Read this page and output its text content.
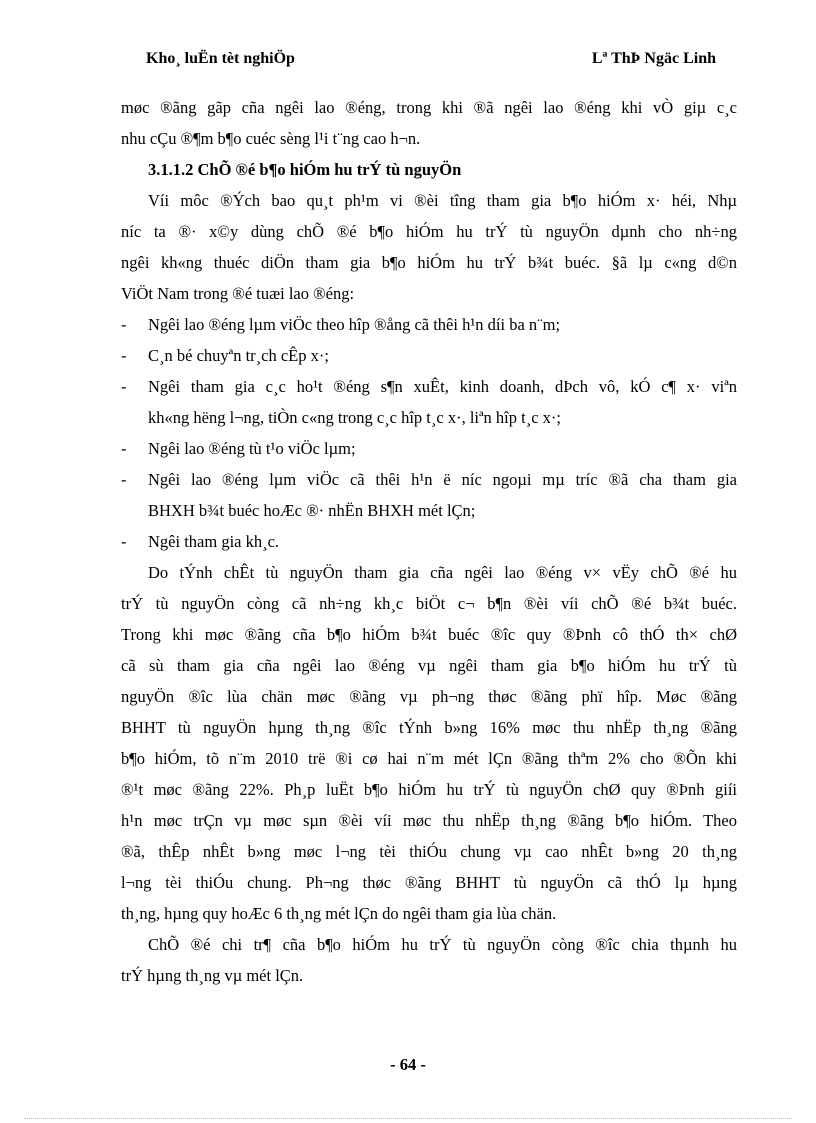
Kho¸ luËn tèt nghiÖp	Lª ThÞ Ngäc Linh
møc ®ãng gãp cña ngêi lao ®éng, trong khi ®ã ngêi lao ®éng khi vÒ giµ c¸c
nhu cÇu ®¶m b¶o cuéc sèng l¹i t¨ng cao h¬n.
3.1.1.2 ChÕ ®é b¶o hiÓm hu trÝ tù nguyÖn
Víi môc ®Ých bao qu¸t ph¹m vi ®èi tîng tham gia b¶o hiÓm x· héi, Nhµ
níc ta ®· x©y dùng chÕ ®é b¶o hiÓm hu trÝ tù nguyÖn dµnh cho nh÷ng
ngêi kh«ng thuéc diÖn tham gia b¶o hiÓm hu trÝ b¾t buéc. §ã lµ c«ng d©n
ViÖt Nam trong ®é tuæi lao ®éng:
-	Ngêi lao ®éng lµm viÖc theo hîp ®ång cã thêi h¹n díi ba n¨m;
-	C¸n bé chuyªn tr¸ch cÊp x·;
-	Ngêi tham gia c¸c ho¹t ®éng s¶n xuÊt, kinh doanh, dÞch vô, kÓ c¶ x· viªn
kh«ng hëng l¬ng, tiÒn c«ng trong c¸c hîp t¸c x·, liªn hîp t¸c x·;
-	Ngêi lao ®éng tù t¹o viÖc lµm;
-	Ngêi lao ®éng lµm viÖc cã thêi h¹n ë níc ngoµi mµ tríc ®ã cha tham gia
BHXH b¾t buéc hoÆc ®· nhËn BHXH mét lÇn;
-	Ngêi tham gia kh¸c.
Do tÝnh chÊt tù nguyÖn tham gia cña ngêi lao ®éng v× vËy chÕ ®é hu
trÝ tù nguyÖn còng cã nh÷ng kh¸c biÖt c¬ b¶n ®èi víi chÕ ®é b¾t buéc.
Trong khi møc ®ãng cña b¶o hiÓm b¾t buéc ®îc quy ®Þnh cô thÓ th× chØ
cã sù tham gia cña ngêi lao ®éng vµ ngêi tham gia b¶o hiÓm hu trÝ tù
nguyÖn ®îc lùa chän møc ®ãng vµ ph¬ng thøc ®ãng phï hîp. Møc ®ãng
BHHT tù nguyÖn hµng th¸ng ®îc tÝnh b»ng 16% møc thu nhËp th¸ng ®ãng
b¶o hiÓm, tõ n¨m 2010 trë ®i cø hai n¨m mét lÇn ®ãng thªm 2% cho ®Õn khi
®¹t møc ®ãng 22%. Ph¸p luËt b¶o hiÓm hu trÝ tù nguyÖn chØ quy ®Þnh giíi
h¹n møc trÇn vµ møc sµn ®èi víi møc thu nhËp th¸ng ®ãng b¶o hiÓm. Theo
®ã, thÊp nhÊt b»ng møc l¬ng tèi thiÓu chung vµ cao nhÊt b»ng 20 th¸ng
l¬ng tèi thiÓu chung. Ph¬ng thøc ®ãng BHHT tù nguyÖn cã thÓ lµ hµng
th¸ng, hµng quy hoÆc 6 th¸ng mét lÇn do ngêi tham gia lùa chän.
ChÕ ®é chi tr¶ cña b¶o hiÓm hu trÝ tù nguyÖn còng ®îc chia thµnh hu
trÝ hµng th¸ng vµ mét lÇn.
- 64 -
